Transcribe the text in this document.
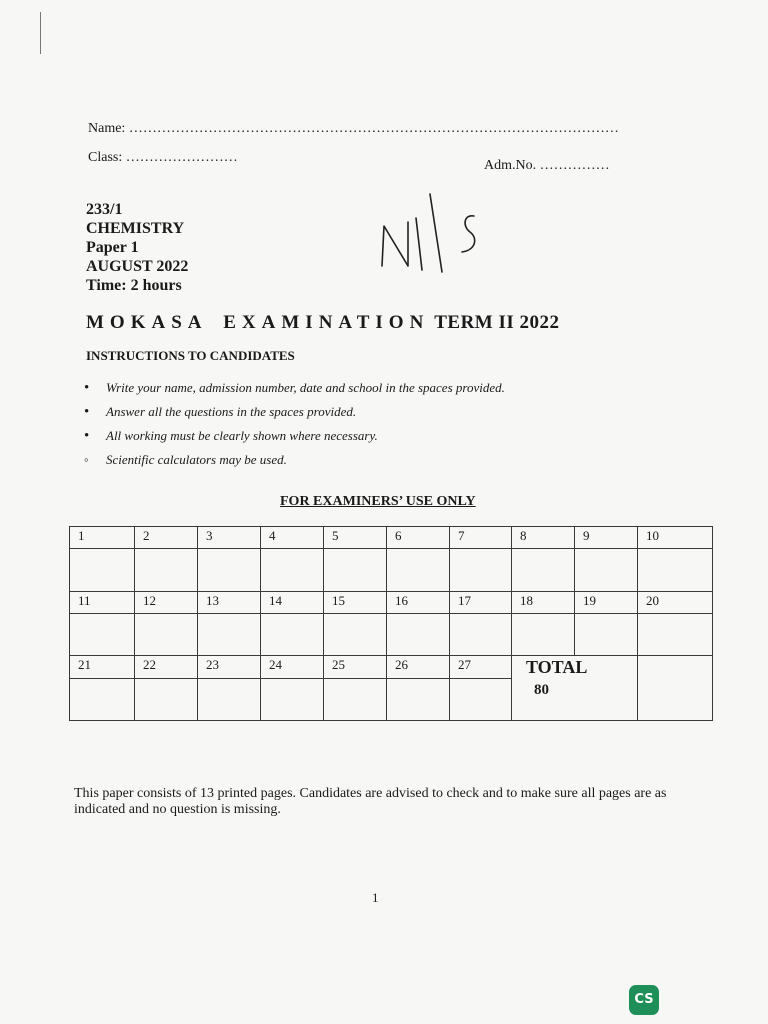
Name: ……………………………………………………………………………………………
Class: ……………………
Adm.No. ……………
233/1
CHEMISTRY
Paper 1
AUGUST 2022
Time: 2 hours
MOKASA EXAMINATION TERM II 2022
INSTRUCTIONS TO CANDIDATES
• Write your name, admission number, date and school in the spaces provided.
• Answer all the questions in the spaces provided.
• All working must be clearly shown where necessary.
◦ Scientific calculators may be used.
FOR EXAMINERS’ USE ONLY
1	2	3	4	5	6	7	8	9	10

11	12	13	14	15	16	17	18	19	20

21	22	23	24	25	26	27	TOTAL
80		

This paper consists of 13 printed pages. Candidates are advised to check and to make sure all pages are as indicated and no question is missing.
1
CS
